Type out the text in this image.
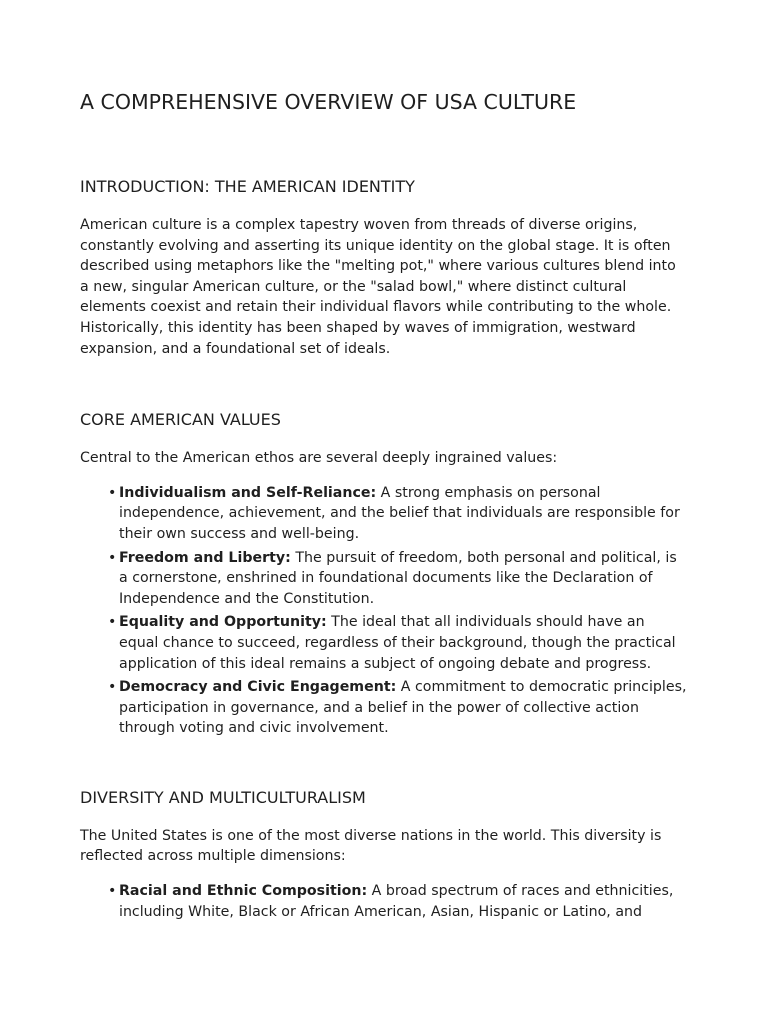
A COMPREHENSIVE OVERVIEW OF USA CULTURE
INTRODUCTION: THE AMERICAN IDENTITY

American culture is a complex tapestry woven from threads of diverse origins, constantly evolving and asserting its unique identity on the global stage. It is often described using metaphors like the "melting pot," where various cultures blend into a new, singular American culture, or the "salad bowl," where distinct cultural elements coexist and retain their individual flavors while contributing to the whole. Historically, this identity has been shaped by waves of immigration, westward expansion, and a foundational set of ideals.

CORE AMERICAN VALUES

Central to the American ethos are several deeply ingrained values:

• Individualism and Self-Reliance: A strong emphasis on personal independence, achievement, and the belief that individuals are responsible for their own success and well-being.
• Freedom and Liberty: The pursuit of freedom, both personal and political, is a cornerstone, enshrined in foundational documents like the Declaration of Independence and the Constitution.
• Equality and Opportunity: The ideal that all individuals should have an equal chance to succeed, regardless of their background, though the practical application of this ideal remains a subject of ongoing debate and progress.
• Democracy and Civic Engagement: A commitment to democratic principles, participation in governance, and a belief in the power of collective action through voting and civic involvement.
DIVERSITY AND MULTICULTURALISM

The United States is one of the most diverse nations in the world. This diversity is reflected across multiple dimensions:

• Racial and Ethnic Composition: A broad spectrum of races and ethnicities, including White, Black or African American, Asian, Hispanic or Latino, and
